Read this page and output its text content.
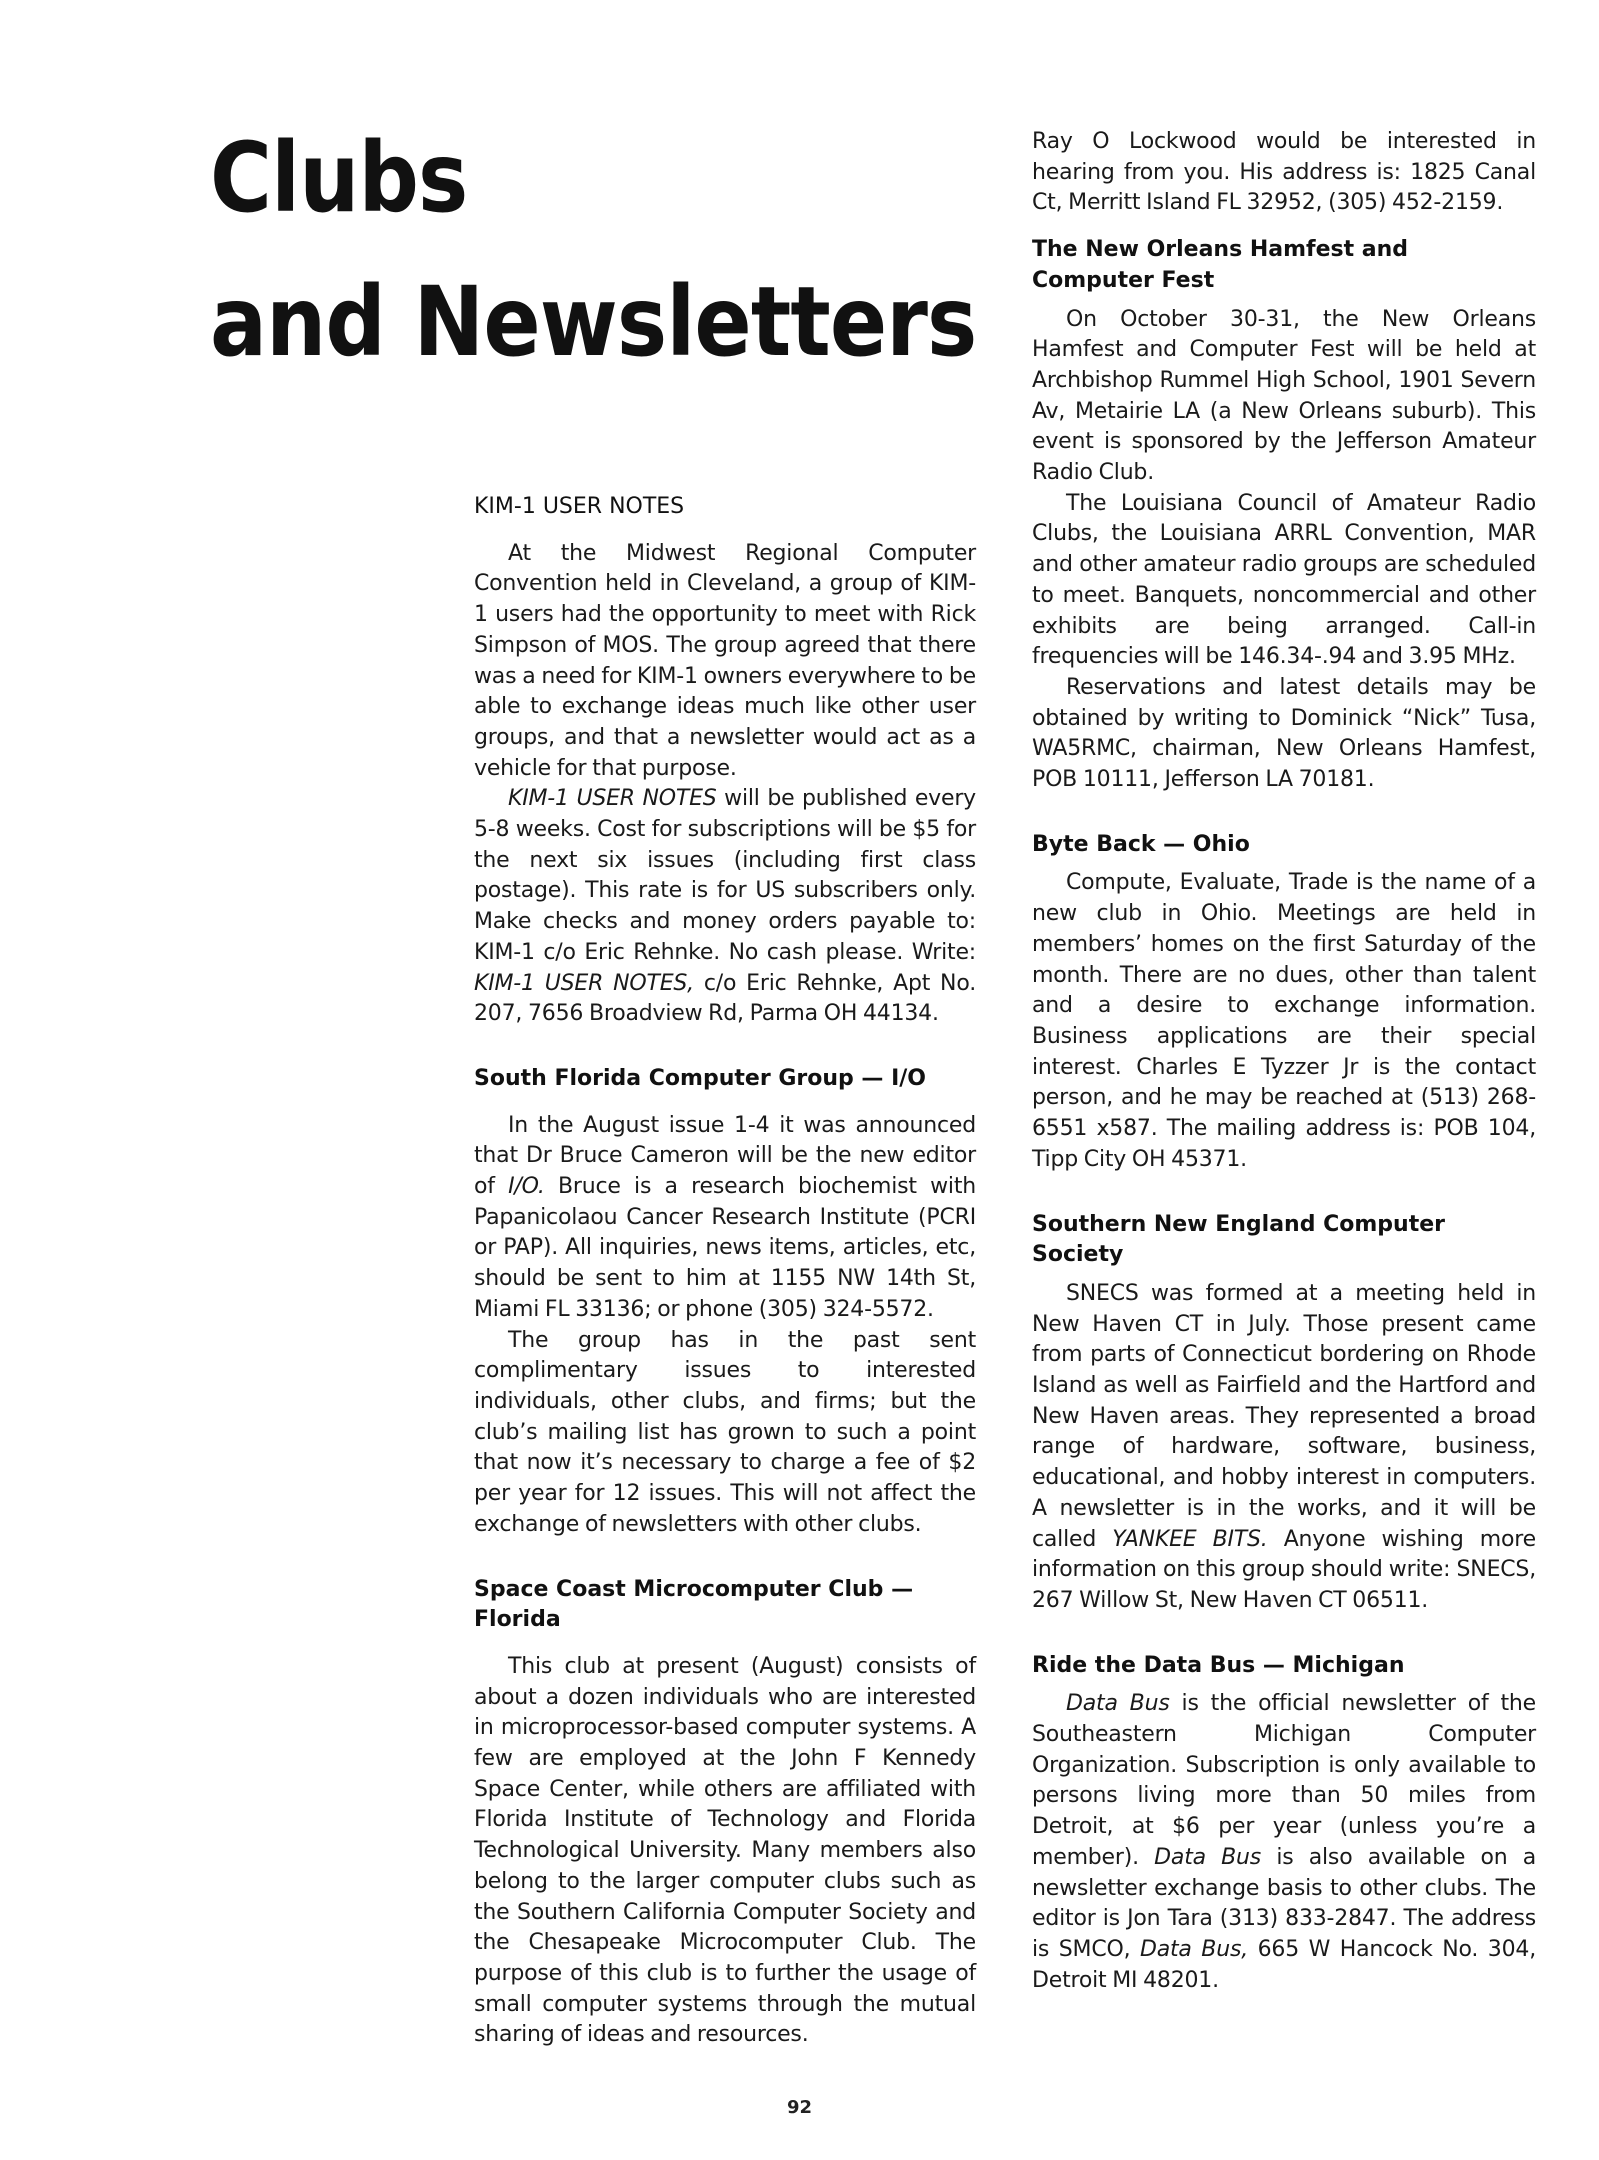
Clubs
and Newsletters

KIM-1 USER NOTES

At the Midwest Regional Computer Convention held in Cleveland, a group of KIM-1 users had the opportunity to meet with Rick Simpson of MOS. The group agreed that there was a need for KIM-1 owners everywhere to be able to exchange ideas much like other user groups, and that a newsletter would act as a vehicle for that purpose.

KIM-1 USER NOTES will be published every 5-8 weeks. Cost for subscriptions will be $5 for the next six issues (including first class postage). This rate is for US subscribers only. Make checks and money orders payable to: KIM-1 c/o Eric Rehnke. No cash please. Write: KIM-1 USER NOTES, c/o Eric Rehnke, Apt No. 207, 7656 Broadview Rd, Parma OH 44134.

South Florida Computer Group — I/O

In the August issue 1-4 it was announced that Dr Bruce Cameron will be the new editor of I/O. Bruce is a research biochemist with Papanicolaou Cancer Research Institute (PCRI or PAP). All inquiries, news items, articles, etc, should be sent to him at 1155 NW 14th St, Miami FL 33136; or phone (305) 324-5572.

The group has in the past sent complimentary issues to interested individuals, other clubs, and firms; but the club’s mailing list has grown to such a point that now it’s necessary to charge a fee of $2 per year for 12 issues. This will not affect the exchange of newsletters with other clubs.

Space Coast Microcomputer Club — Florida

This club at present (August) consists of about a dozen individuals who are interested in microprocessor-based computer systems. A few are employed at the John F Kennedy Space Center, while others are affiliated with Florida Institute of Technology and Florida Technological University. Many members also belong to the larger computer clubs such as the Southern California Computer Society and the Chesapeake Microcomputer Club. The purpose of this club is to further the usage of small computer systems through the mutual sharing of ideas and resources.

Ray O Lockwood would be interested in hearing from you. His address is: 1825 Canal Ct, Merritt Island FL 32952, (305) 452-2159.

The New Orleans Hamfest and Computer Fest

On October 30-31, the New Orleans Hamfest and Computer Fest will be held at Archbishop Rummel High School, 1901 Severn Av, Metairie LA (a New Orleans suburb). This event is sponsored by the Jefferson Amateur Radio Club.

The Louisiana Council of Amateur Radio Clubs, the Louisiana ARRL Convention, MAR and other amateur radio groups are scheduled to meet. Banquets, noncommercial and other exhibits are being arranged. Call-in frequencies will be 146.34-.94 and 3.95 MHz.

Reservations and latest details may be obtained by writing to Dominick “Nick” Tusa, WA5RMC, chairman, New Orleans Hamfest, POB 10111, Jefferson LA 70181.

Byte Back — Ohio

Compute, Evaluate, Trade is the name of a new club in Ohio. Meetings are held in members’ homes on the first Saturday of the month. There are no dues, other than talent and a desire to exchange information. Business applications are their special interest. Charles E Tyzzer Jr is the contact person, and he may be reached at (513) 268-6551 x587. The mailing address is: POB 104, Tipp City OH 45371.

Southern New England Computer Society

SNECS was formed at a meeting held in New Haven CT in July. Those present came from parts of Connecticut bordering on Rhode Island as well as Fairfield and the Hartford and New Haven areas. They represented a broad range of hardware, software, business, educational, and hobby interest in computers. A newsletter is in the works, and it will be called YANKEE BITS. Anyone wishing more information on this group should write: SNECS, 267 Willow St, New Haven CT 06511.

Ride the Data Bus — Michigan

Data Bus is the official newsletter of the Southeastern Michigan Computer Organization. Subscription is only available to persons living more than 50 miles from Detroit, at $6 per year (unless you’re a member). Data Bus is also available on a newsletter exchange basis to other clubs. The editor is Jon Tara (313) 833-2847. The address is SMCO, Data Bus, 665 W Hancock No. 304, Detroit MI 48201.

92
